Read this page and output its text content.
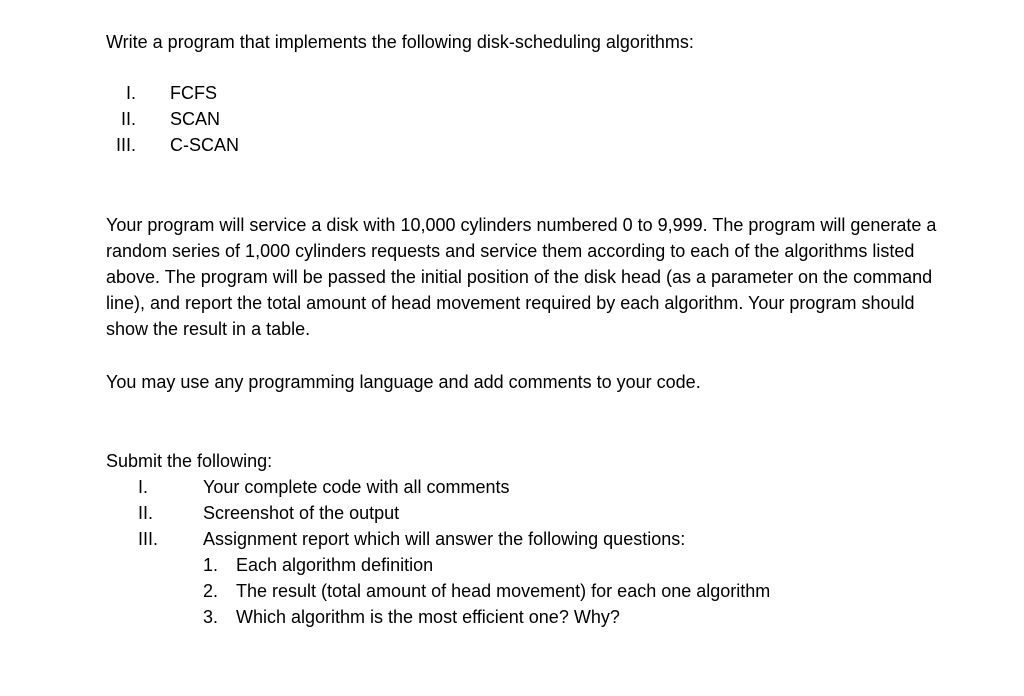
Write a program that implements the following disk-scheduling algorithms:
I. FCFS
II. SCAN
III. C-SCAN
Your program will service a disk with 10,000 cylinders numbered 0 to 9,999. The program will generate a random series of 1,000 cylinders requests and service them according to each of the algorithms listed above. The program will be passed the initial position of the disk head (as a parameter on the command line), and report the total amount of head movement required by each algorithm. Your program should show the result in a table.
You may use any programming language and add comments to your code.
Submit the following:
I.	Your complete code with all comments
II.	Screenshot of the output
III. Assignment report which will answer the following questions:
1. Each algorithm definition
2. The result (total amount of head movement) for each one algorithm
3. Which algorithm is the most efficient one? Why?
